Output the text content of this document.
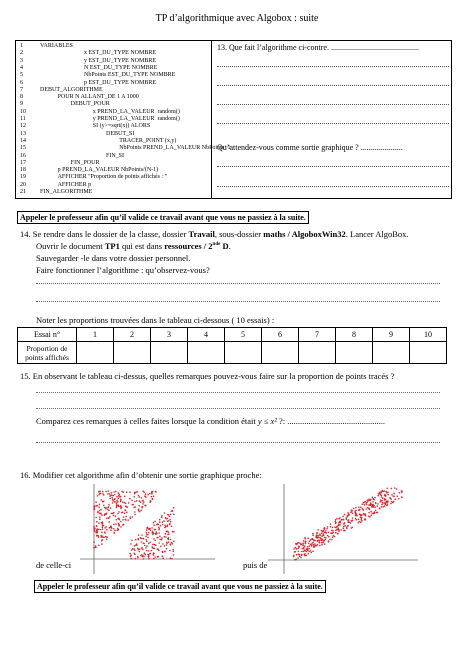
TP d’algorithmique avec Algobox : suite
1	VARIABLES
2	x EST_DU_TYPE NOMBRE
3	y EST_DU_TYPE NOMBRE
4	N EST_DU_TYPE NOMBRE
5	NbPoints EST_DU_TYPE NOMBRE
6	p EST_DU_TYPE NOMBRE
7	DEBUT_ALGORITHME
8	POUR N ALLANT_DE 1 A 1000
9	DEBUT_POUR
10	x PREND_LA_VALEUR  random()
11	y PREND_LA_VALEUR  random()
12	SI (y>=sqrt(x)) ALORS
13	DEBUT_SI
14	TRACER_POINT (x,y)
15	NbPoints PREND_LA_VALEUR NbPoints+1
16	FIN_SI
17	FIN_POUR
18	p PREND_LA_VALEUR NbPoints/(N-1)
19	AFFICHER "Proportion de points affichés : "
20	AFFICHER p
21 FIN_ALGORITHME
13. Que fait l’algorithme ci-contre. ............................................
Qu’attendez-vous comme sortie graphique ? .....................
Appeler le professeur afin qu’il valide ce travail avant que vous ne passiez à la suite.
14. Se rendre dans le dossier de la classe, dossier Travail, sous-dossier maths / AlgoboxWin32. Lancer AlgoBox.
Ouvrir le document TP1 qui est dans ressources / 2nde D.
Sauvegarder -le dans votre dossier personnel.
Faire fonctionner l’algorithme : qu’observez-vous?
Noter les proportions trouvées dans le tableau ci-dessous ( 10 essais) :
Essai n°	1	2	3	4	5	6	7	8	9	10

Proportion de
points affichés										

15. En observant le tableau ci-dessus, quelles remarques pouvez-vous faire sur la proportion de points tracés ?
Comparez ces remarques à celles faites lorsque la condition était y ≤ x² ?: ..............................................
16. Modifier cet algorithme afin d’obtenir une sortie graphique proche:
de celle-ci	puis de
Appeler le professeur afin qu’il valide ce travail avant que vous ne passiez à la suite.
